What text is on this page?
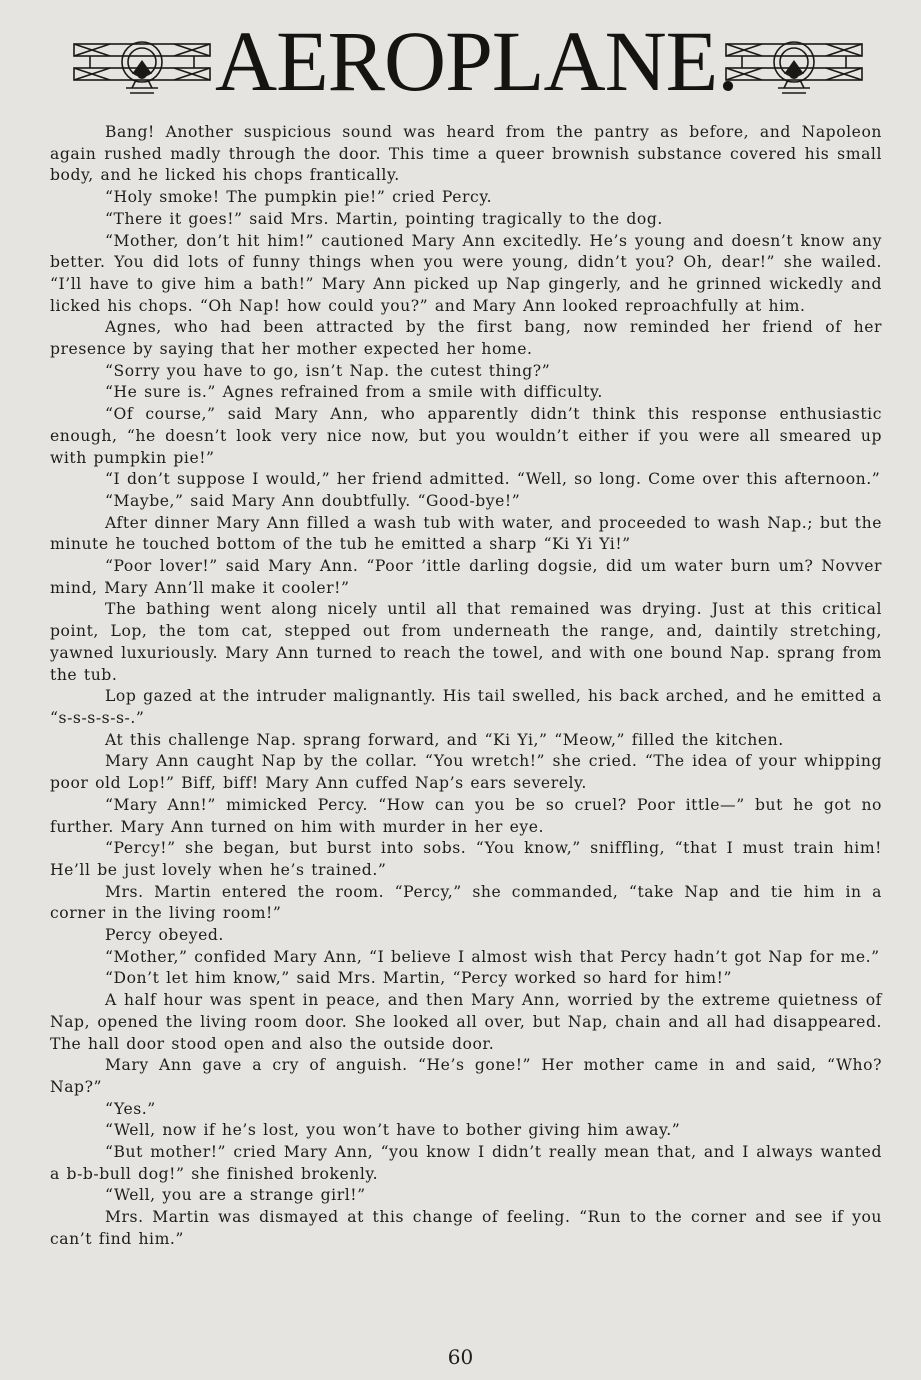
AEROPLANE.

Bang! Another suspicious sound was heard from the pantry as before, and Napoleon again rushed madly through the door. This time a queer brownish substance covered his small body, and he licked his chops frantically.

“Holy smoke! The pumpkin pie!” cried Percy.

“There it goes!” said Mrs. Martin, pointing tragically to the dog.

“Mother, don’t hit him!” cautioned Mary Ann excitedly. He’s young and doesn’t know any better. You did lots of funny things when you were young, didn’t you? Oh, dear!” she wailed. “I’ll have to give him a bath!” Mary Ann picked up Nap gingerly, and he grinned wickedly and licked his chops. “Oh Nap! how could you?” and Mary Ann looked reproachfully at him.

Agnes, who had been attracted by the first bang, now reminded her friend of her presence by saying that her mother expected her home.

“Sorry you have to go, isn’t Nap. the cutest thing?”

“He sure is.” Agnes refrained from a smile with difficulty.

“Of course,” said Mary Ann, who apparently didn’t think this response enthusiastic enough, “he doesn’t look very nice now, but you wouldn’t either if you were all smeared up with pumpkin pie!”

“I don’t suppose I would,” her friend admitted. “Well, so long. Come over this afternoon.”

“Maybe,” said Mary Ann doubtfully. “Good-bye!”

After dinner Mary Ann filled a wash tub with water, and proceeded to wash Nap.; but the minute he touched bottom of the tub he emitted a sharp “Ki Yi Yi!”

“Poor lover!” said Mary Ann. “Poor ’ittle darling dogsie, did um water burn um? Novver mind, Mary Ann’ll make it cooler!”

The bathing went along nicely until all that remained was drying. Just at this critical point, Lop, the tom cat, stepped out from underneath the range, and, daintily stretching, yawned luxuriously. Mary Ann turned to reach the towel, and with one bound Nap. sprang from the tub.

Lop gazed at the intruder malignantly. His tail swelled, his back arched, and he emitted a “s-s-s-s-s-.”

At this challenge Nap. sprang forward, and “Ki Yi,” “Meow,” filled the kitchen.

Mary Ann caught Nap by the collar. “You wretch!” she cried. “The idea of your whipping poor old Lop!” Biff, biff! Mary Ann cuffed Nap’s ears severely.

“Mary Ann!” mimicked Percy. “How can you be so cruel? Poor ittle—” but he got no further. Mary Ann turned on him with murder in her eye.

“Percy!” she began, but burst into sobs. “You know,” sniffling, “that I must train him! He’ll be just lovely when he’s trained.”

Mrs. Martin entered the room. “Percy,” she commanded, “take Nap and tie him in a corner in the living room!”

Percy obeyed.

“Mother,” confided Mary Ann, “I believe I almost wish that Percy hadn’t got Nap for me.”

“Don’t let him know,” said Mrs. Martin, “Percy worked so hard for him!”

A half hour was spent in peace, and then Mary Ann, worried by the extreme quietness of Nap, opened the living room door. She looked all over, but Nap, chain and all had disappeared. The hall door stood open and also the outside door.

Mary Ann gave a cry of anguish. “He’s gone!” Her mother came in and said, “Who? Nap?”

“Yes.”

“Well, now if he’s lost, you won’t have to bother giving him away.”

“But mother!” cried Mary Ann, “you know I didn’t really mean that, and I always wanted a b-b-bull dog!” she finished brokenly.

“Well, you are a strange girl!”

Mrs. Martin was dismayed at this change of feeling. “Run to the corner and see if you can’t find him.”

60
